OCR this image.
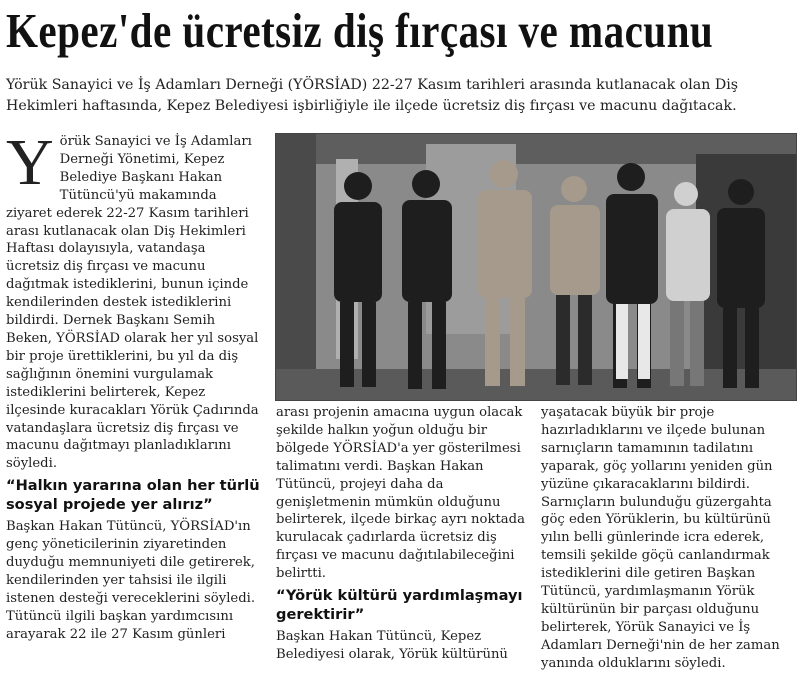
Kepez'de ücretsiz diş fırçası ve macunu
Yörük Sanayici ve İş Adamları Derneği (YÖRSİAD) 22-27 Kasım tarihleri arasında kutlanacak olan Diş Hekimleri haftasında, Kepez Belediyesi işbirliğiyle ile ilçede ücretsiz diş fırçası ve macunu dağıtacak.

Yörük Sanayici ve İş Adamları Derneği Yönetimi, Kepez Belediye Başkanı Hakan Tütüncü'yü makamında ziyaret ederek 22-27 Kasım tarihleri arası kutlanacak olan Diş Hekimleri Haftası dolayısıyla, vatandaşa ücretsiz diş fırçası ve macunu dağıtmak istediklerini, bunun içinde kendilerinden destek istediklerini bildirdi. Dernek Başkanı Semih Beken, YÖRSİAD olarak her yıl sosyal bir proje ürettiklerini, bu yıl da diş sağlığının önemini vurgulamak istediklerini belirterek, Kepez ilçesinde kuracakları Yörük Çadırında vatandaşlara ücretsiz diş fırçası ve macunu dağıtmayı planladıklarını söyledi.

“Halkın yararına olan her türlü sosyal projede yer alırız”

Başkan Hakan Tütüncü, YÖRSİAD'ın genç yöneticilerinin ziyaretinden duyduğu memnuniyeti dile getirerek, kendilerinden yer tahsisi ile ilgili istenen desteği vereceklerini söyledi. Tütüncü ilgili başkan yardımcısını arayarak 22 ile 27 Kasım günleri

arası projenin amacına uygun olacak şekilde halkın yoğun olduğu bir bölgede YÖRSİAD'a yer gösterilmesi talimatını verdi. Başkan Hakan Tütüncü, projeyi daha da genişletmenin mümkün olduğunu belirterek, ilçede birkaç ayrı noktada kurulacak çadırlarda ücretsiz diş fırçası ve macunu dağıtılabileceğini belirtti.

“Yörük kültürü yardımlaşmayı gerektirir”

Başkan Hakan Tütüncü, Kepez Belediyesi olarak, Yörük kültürünü

yaşatacak büyük bir proje hazırladıklarını ve ilçede bulunan sarnıçların tamamının tadilatını yaparak, göç yollarını yeniden gün yüzüne çıkaracaklarını bildirdi. Sarnıçların bulunduğu güzergahta göç eden Yörüklerin, bu kültürünü yılın belli günlerinde icra ederek, temsili şekilde göçü canlandırmak istediklerini dile getiren Başkan Tütüncü, yardımlaşmanın Yörük kültürünün bir parçası olduğunu belirterek, Yörük Sanayici ve İş Adamları Derneği'nin de her zaman yanında olduklarını söyledi.
